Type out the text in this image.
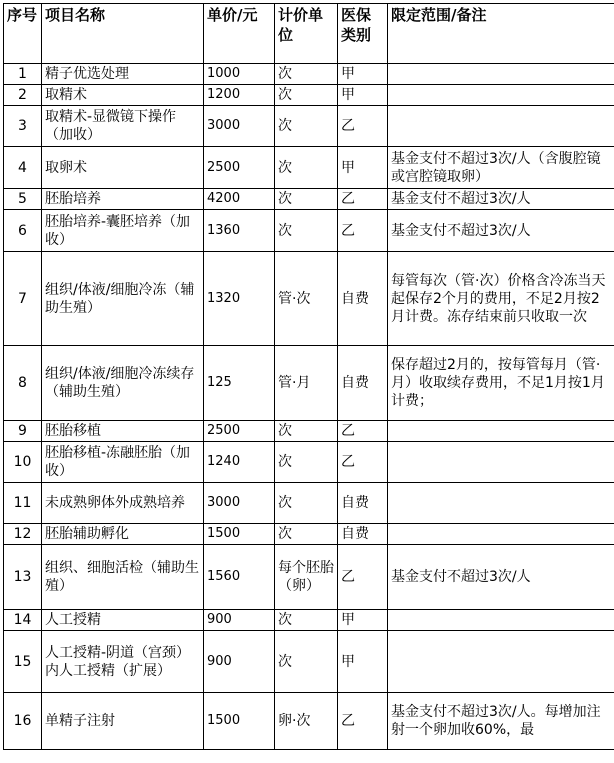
序号	项目名称	单价/元	计价单位	医保类别	限定范围/备注
1	精子优选处理	1000	次	甲	
2	取精术	1200	次	甲	
3	取精术-显微镜下操作（加收）	3000	次	乙	
4	取卵术	2500	次	甲	基金支付不超过3次/人（含腹腔镜或宫腔镜取卵）
5	胚胎培养	4200	次	乙	基金支付不超过3次/人
6	胚胎培养-囊胚培养（加收）	1360	次	乙	基金支付不超过3次/人
7	组织/体液/细胞冷冻（辅助生殖）	1320	管·次	自费	每管每次（管·次）价格含冷冻当天起保存2个月的费用，不足2月按2月计费。冻存结束前只收取一次
8	组织/体液/细胞冷冻续存（辅助生殖）	125	管·月	自费	保存超过2月的，按每管每月（管·月）收取续存费用，不足1月按1月计费；
9	胚胎移植	2500	次	乙	
10	胚胎移植-冻融胚胎（加收）	1240	次	乙	
11	未成熟卵体外成熟培养	3000	次	自费	
12	胚胎辅助孵化	1500	次	自费	
13	组织、细胞活检（辅助生殖）	1560	每个胚胎（卵）	乙	基金支付不超过3次/人
14	人工授精	900	次	甲	
15	人工授精-阴道（宫颈）内人工授精（扩展）	900	次	甲	
16	单精子注射	1500	卵·次	乙	基金支付不超过3次/人。每增加注射一个卵加收60%，最
